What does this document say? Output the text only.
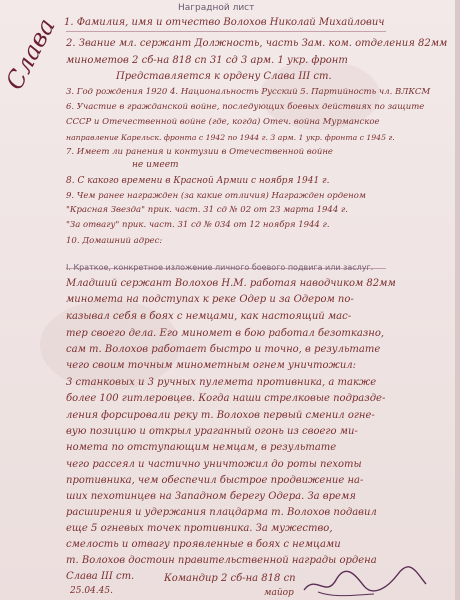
Наградной лист
Слава 1. Фамилия, имя и отчество Волохов Николай Михайлович
2. Звание мл. сержант Должность, часть Зам. ком. отделения 82мм
минометов 2 сб-на 818 сп 31 сд 3 арм. 1 укр. фронт
Представляется к ордену Слава III ст.
3. Год рождения 1920 4. Национальность Русский 5. Партийность чл. ВЛКСМ
6. Участие в гражданской войне, последующих боевых действиях по защите
СССР и Отечественной войне (где, когда) Отеч. война Мурманское
направление Карельск. фронта с 1942 по 1944 г. 3 арм. 1 укр. фронта с 1945 г.
7. Имеет ли ранения и контузии в Отечественной войне
не имеет
8. С какого времени в Красной Армии с ноября 1941 г.
9. Чем ранее награжден (за какие отличия) Награжден орденом
"Красная Звезда" прик. част. 31 сд № 02 от 23 марта 1944 г.
"За отвагу" прик. част. 31 сд № 034 от 12 ноября 1944 г.
10. Домашний адрес:
Младший сержант Волохов Н.М. работая наводчиком 82мм
миномета на подступах к реке Одер и за Одером по-
казывал себя в боях с немцами, как настоящий мас-
тер своего дела. Его миномет в бою работал безотказно,
сам т. Волохов работает быстро и точно, в результате
чего своим точным минометным огнем уничтожил:
3 станковых и 3 ручных пулемета противника, а также
более 100 гитлеровцев. Когда наши стрелковые подразде-
ления форсировали реку т. Волохов первый сменил огне-
вую позицию и открыл ураганный огонь из своего ми-
номета по отступающим немцам, в результате
чего рассеял и частично уничтожил до роты пехоты
противника, чем обеспечил быстрое продвижение на-
ших пехотинцев на Западном берегу Одера. За время
расширения и удержания плацдарма т. Волохов подавил
еще 5 огневых точек противника. За мужество,
смелость и отвагу проявленные в боях с немцами
т. Волохов достоин правительственной награды ордена
Слава III ст.	Командир 2 сб-на 818 сп
25.04.45.	майор
